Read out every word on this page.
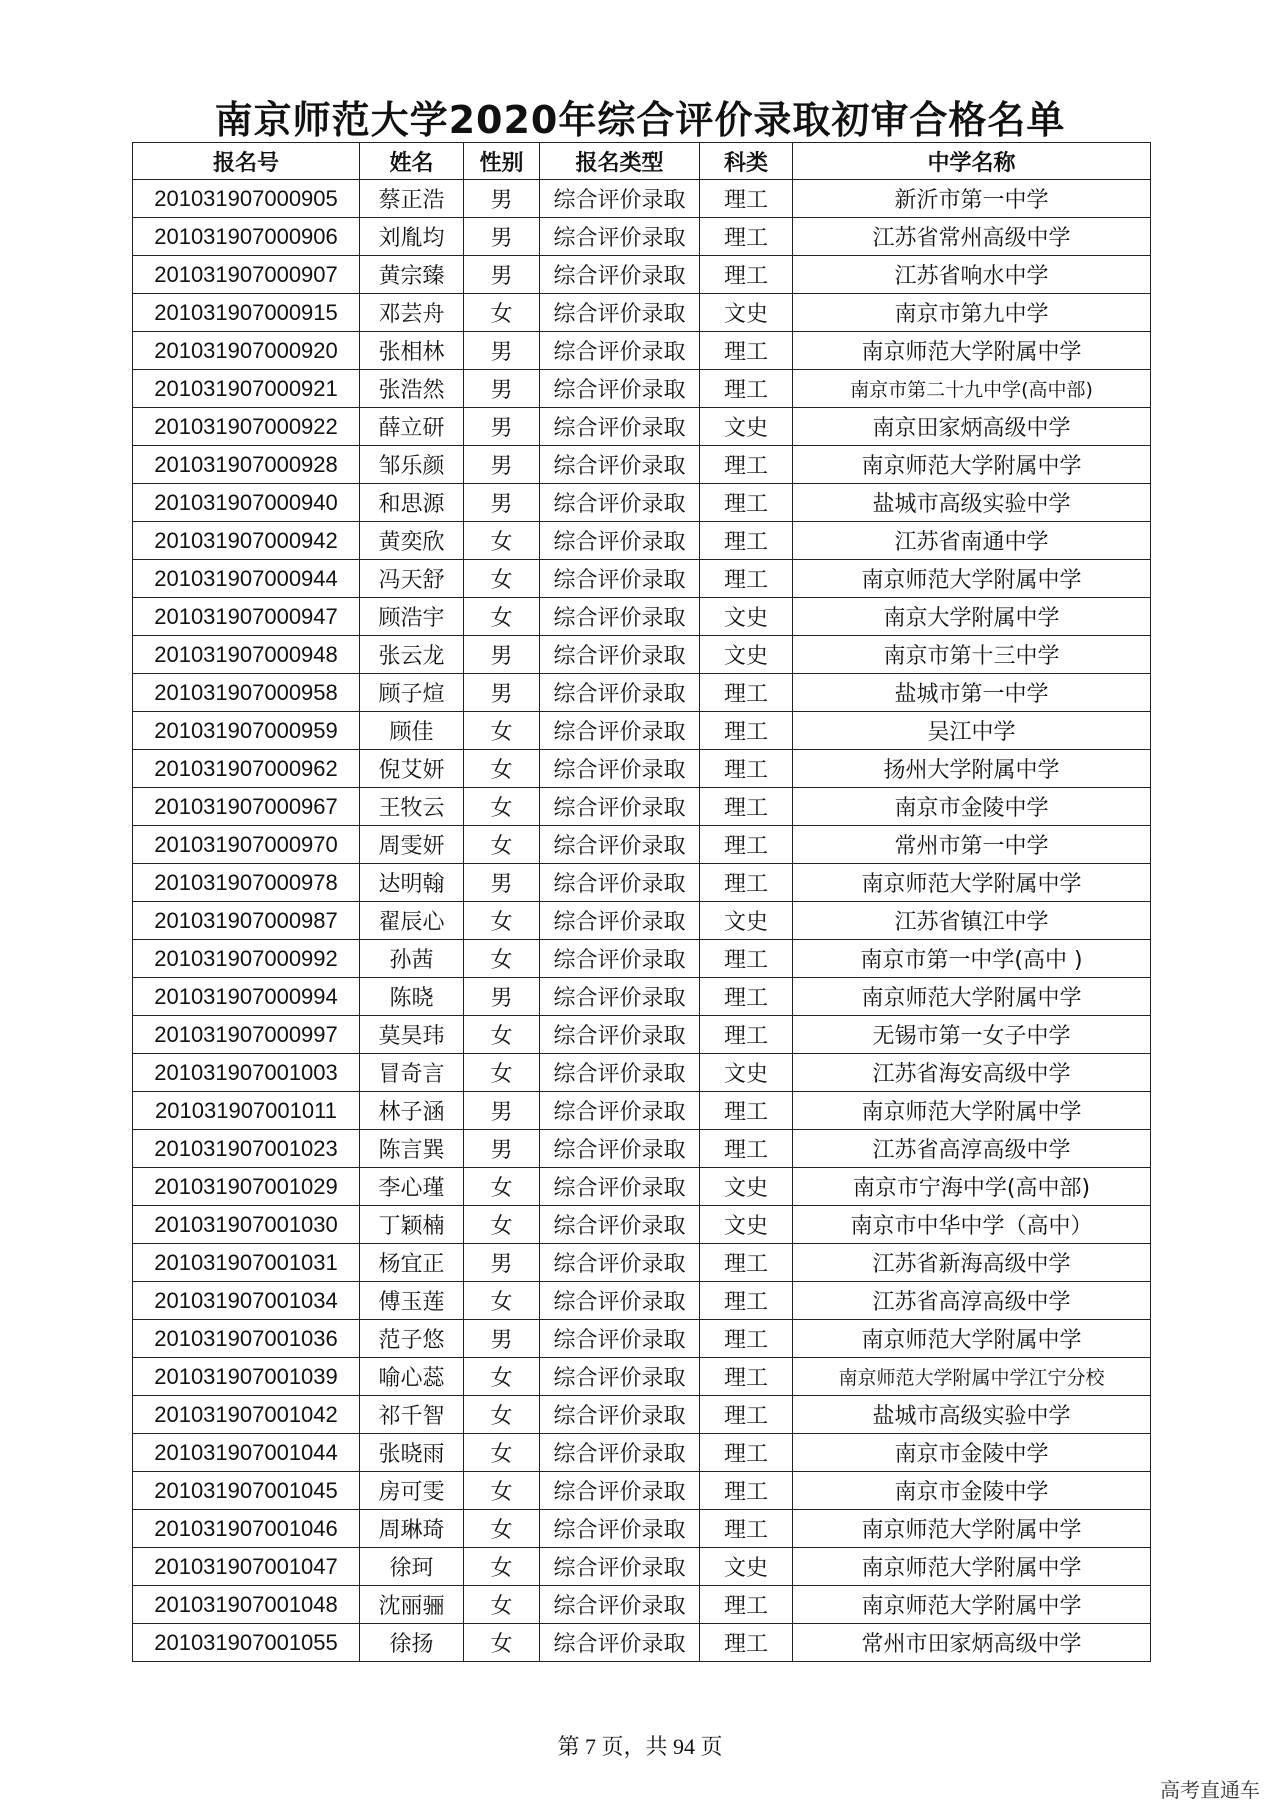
南京师范大学2020年综合评价录取初审合格名单
报名号	姓名	性别	报名类型	科类	中学名称
201031907000905	蔡正浩	男	综合评价录取	理工	新沂市第一中学
201031907000906	刘胤均	男	综合评价录取	理工	江苏省常州高级中学
201031907000907	黄宗臻	男	综合评价录取	理工	江苏省响水中学
201031907000915	邓芸舟	女	综合评价录取	文史	南京市第九中学
201031907000920	张相林	男	综合评价录取	理工	南京师范大学附属中学
201031907000921	张浩然	男	综合评价录取	理工	南京市第二十九中学(高中部)
201031907000922	薛立研	男	综合评价录取	文史	南京田家炳高级中学
201031907000928	邹乐颜	男	综合评价录取	理工	南京师范大学附属中学
201031907000940	和思源	男	综合评价录取	理工	盐城市高级实验中学
201031907000942	黄奕欣	女	综合评价录取	理工	江苏省南通中学
201031907000944	冯天舒	女	综合评价录取	理工	南京师范大学附属中学
201031907000947	顾浩宇	女	综合评价录取	文史	南京大学附属中学
201031907000948	张云龙	男	综合评价录取	文史	南京市第十三中学
201031907000958	顾子煊	男	综合评价录取	理工	盐城市第一中学
201031907000959	顾佳	女	综合评价录取	理工	吴江中学
201031907000962	倪艾妍	女	综合评价录取	理工	扬州大学附属中学
201031907000967	王牧云	女	综合评价录取	理工	南京市金陵中学
201031907000970	周雯妍	女	综合评价录取	理工	常州市第一中学
201031907000978	达明翰	男	综合评价录取	理工	南京师范大学附属中学
201031907000987	翟辰心	女	综合评价录取	文史	江苏省镇江中学
201031907000992	孙茜	女	综合评价录取	理工	南京市第一中学(高中 )
201031907000994	陈晓	男	综合评价录取	理工	南京师范大学附属中学
201031907000997	莫昊玮	女	综合评价录取	理工	无锡市第一女子中学
201031907001003	冒奇言	女	综合评价录取	文史	江苏省海安高级中学
201031907001011	林子涵	男	综合评价录取	理工	南京师范大学附属中学
201031907001023	陈言巽	男	综合评价录取	理工	江苏省高淳高级中学
201031907001029	李心瑾	女	综合评价录取	文史	南京市宁海中学(高中部)
201031907001030	丁颖楠	女	综合评价录取	文史	南京市中华中学（高中）
201031907001031	杨宜正	男	综合评价录取	理工	江苏省新海高级中学
201031907001034	傅玉莲	女	综合评价录取	理工	江苏省高淳高级中学
201031907001036	范子悠	男	综合评价录取	理工	南京师范大学附属中学
201031907001039	喻心蕊	女	综合评价录取	理工	南京师范大学附属中学江宁分校
201031907001042	祁千智	女	综合评价录取	理工	盐城市高级实验中学
201031907001044	张晓雨	女	综合评价录取	理工	南京市金陵中学
201031907001045	房可雯	女	综合评价录取	理工	南京市金陵中学
201031907001046	周琳琦	女	综合评价录取	理工	南京师范大学附属中学
201031907001047	徐珂	女	综合评价录取	文史	南京师范大学附属中学
201031907001048	沈丽骊	女	综合评价录取	理工	南京师范大学附属中学
201031907001055	徐扬	女	综合评价录取	理工	常州市田家炳高级中学
第 7 页，共 94 页
高考直通车
